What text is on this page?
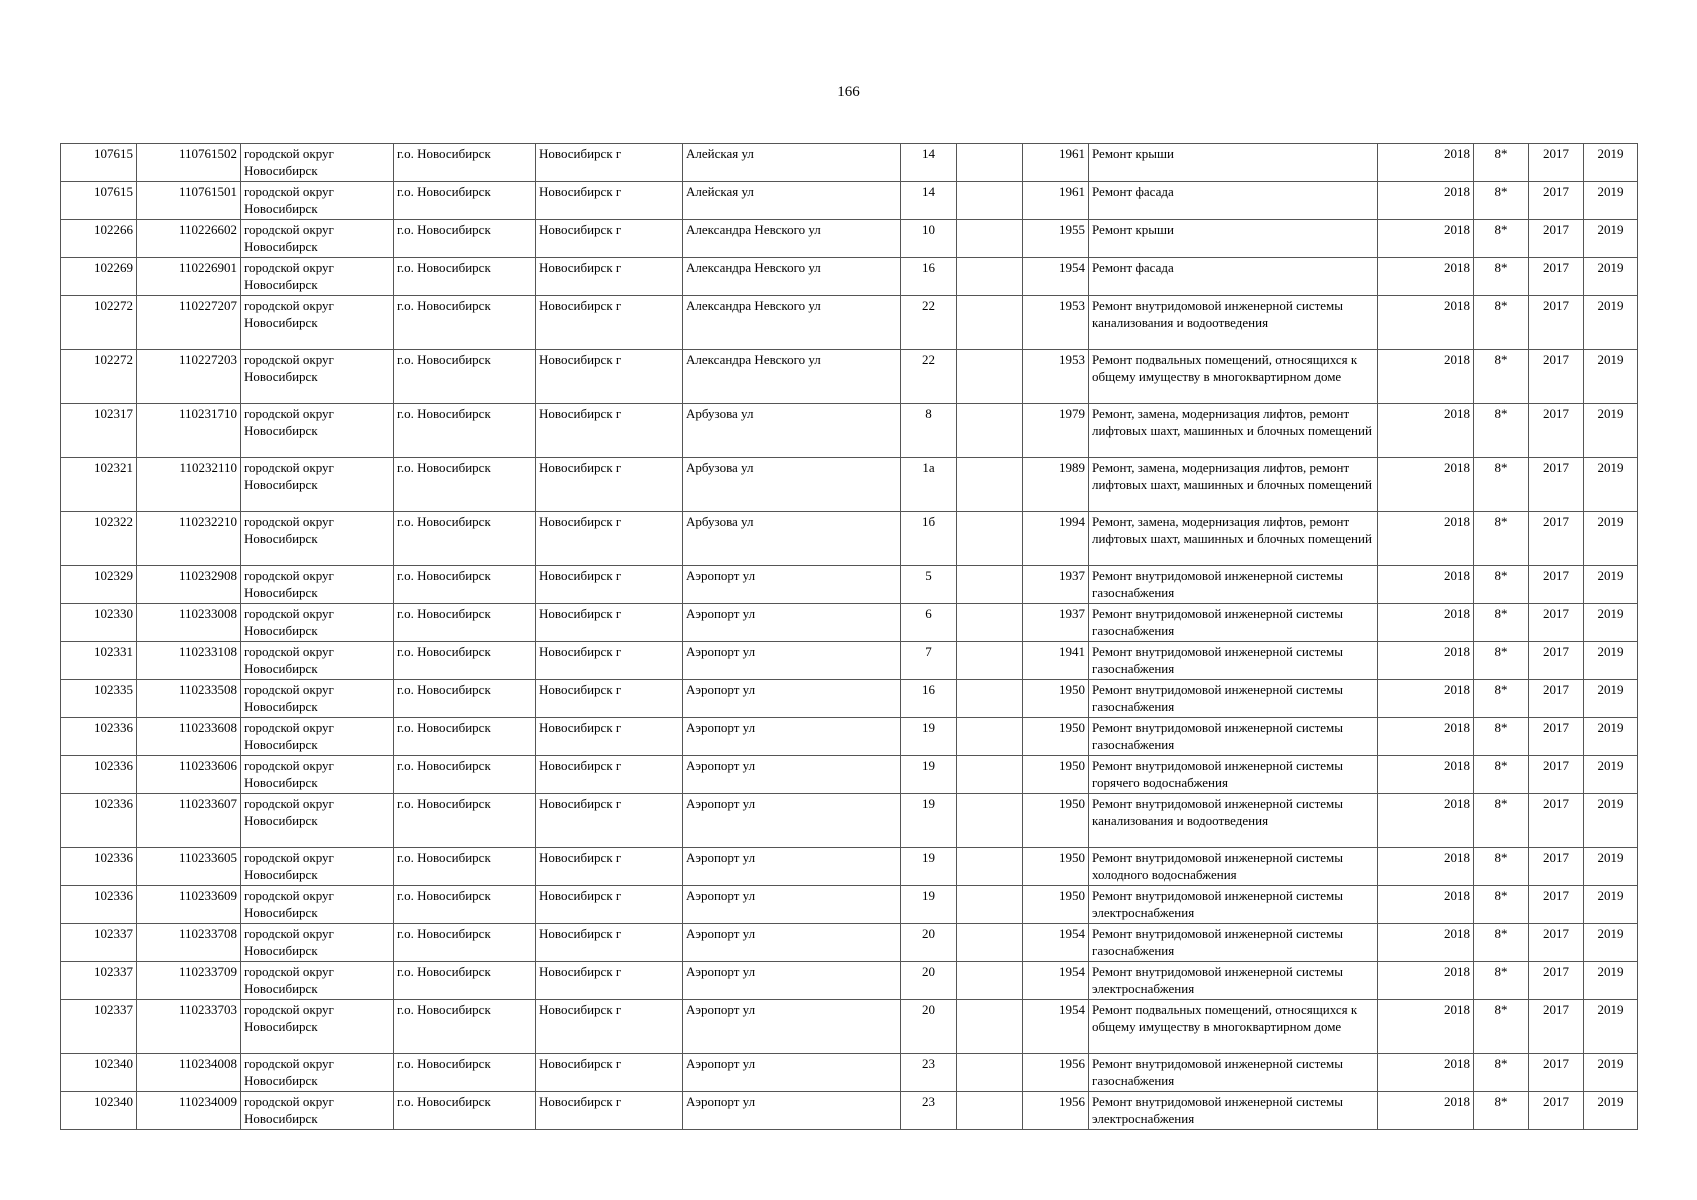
166
107615	110761502	городской округ Новосибирск	г.о. Новосибирск	Новосибирск г	Алейская ул	14		1961	Ремонт крыши	2018	8*	2017	2019
107615	110761501	городской округ Новосибирск	г.о. Новосибирск	Новосибирск г	Алейская ул	14		1961	Ремонт фасада	2018	8*	2017	2019
102266	110226602	городской округ Новосибирск	г.о. Новосибирск	Новосибирск г	Александра Невского ул	10		1955	Ремонт крыши	2018	8*	2017	2019
102269	110226901	городской округ Новосибирск	г.о. Новосибирск	Новосибирск г	Александра Невского ул	16		1954	Ремонт фасада	2018	8*	2017	2019
102272	110227207	городской округ Новосибирск	г.о. Новосибирск	Новосибирск г	Александра Невского ул	22		1953	Ремонт внутридомовой инженерной системы канализования и водоотведения	2018	8*	2017	2019
102272	110227203	городской округ Новосибирск	г.о. Новосибирск	Новосибирск г	Александра Невского ул	22		1953	Ремонт подвальных помещений, относящихся к общему имуществу в многоквартирном доме	2018	8*	2017	2019
102317	110231710	городской округ Новосибирск	г.о. Новосибирск	Новосибирск г	Арбузова ул	8		1979	Ремонт, замена, модернизация лифтов, ремонт лифтовых шахт, машинных и блочных помещений	2018	8*	2017	2019
102321	110232110	городской округ Новосибирск	г.о. Новосибирск	Новосибирск г	Арбузова ул	1а		1989	Ремонт, замена, модернизация лифтов, ремонт лифтовых шахт, машинных и блочных помещений	2018	8*	2017	2019
102322	110232210	городской округ Новосибирск	г.о. Новосибирск	Новосибирск г	Арбузова ул	1б		1994	Ремонт, замена, модернизация лифтов, ремонт лифтовых шахт, машинных и блочных помещений	2018	8*	2017	2019
102329	110232908	городской округ Новосибирск	г.о. Новосибирск	Новосибирск г	Аэропорт ул	5		1937	Ремонт внутридомовой инженерной системы газоснабжения	2018	8*	2017	2019
102330	110233008	городской округ Новосибирск	г.о. Новосибирск	Новосибирск г	Аэропорт ул	6		1937	Ремонт внутридомовой инженерной системы газоснабжения	2018	8*	2017	2019
102331	110233108	городской округ Новосибирск	г.о. Новосибирск	Новосибирск г	Аэропорт ул	7		1941	Ремонт внутридомовой инженерной системы газоснабжения	2018	8*	2017	2019
102335	110233508	городской округ Новосибирск	г.о. Новосибирск	Новосибирск г	Аэропорт ул	16		1950	Ремонт внутридомовой инженерной системы газоснабжения	2018	8*	2017	2019
102336	110233608	городской округ Новосибирск	г.о. Новосибирск	Новосибирск г	Аэропорт ул	19		1950	Ремонт внутридомовой инженерной системы газоснабжения	2018	8*	2017	2019
102336	110233606	городской округ Новосибирск	г.о. Новосибирск	Новосибирск г	Аэропорт ул	19		1950	Ремонт внутридомовой инженерной системы горячего водоснабжения	2018	8*	2017	2019
102336	110233607	городской округ Новосибирск	г.о. Новосибирск	Новосибирск г	Аэропорт ул	19		1950	Ремонт внутридомовой инженерной системы канализования и водоотведения	2018	8*	2017	2019
102336	110233605	городской округ Новосибирск	г.о. Новосибирск	Новосибирск г	Аэропорт ул	19		1950	Ремонт внутридомовой инженерной системы холодного водоснабжения	2018	8*	2017	2019
102336	110233609	городской округ Новосибирск	г.о. Новосибирск	Новосибирск г	Аэропорт ул	19		1950	Ремонт внутридомовой инженерной системы электроснабжения	2018	8*	2017	2019
102337	110233708	городской округ Новосибирск	г.о. Новосибирск	Новосибирск г	Аэропорт ул	20		1954	Ремонт внутридомовой инженерной системы газоснабжения	2018	8*	2017	2019
102337	110233709	городской округ Новосибирск	г.о. Новосибирск	Новосибирск г	Аэропорт ул	20		1954	Ремонт внутридомовой инженерной системы электроснабжения	2018	8*	2017	2019
102337	110233703	городской округ Новосибирск	г.о. Новосибирск	Новосибирск г	Аэропорт ул	20		1954	Ремонт подвальных помещений, относящихся к общему имуществу в многоквартирном доме	2018	8*	2017	2019
102340	110234008	городской округ Новосибирск	г.о. Новосибирск	Новосибирск г	Аэропорт ул	23		1956	Ремонт внутридомовой инженерной системы газоснабжения	2018	8*	2017	2019
102340	110234009	городской округ Новосибирск	г.о. Новосибирск	Новосибирск г	Аэропорт ул	23		1956	Ремонт внутридомовой инженерной системы электроснабжения	2018	8*	2017	2019
